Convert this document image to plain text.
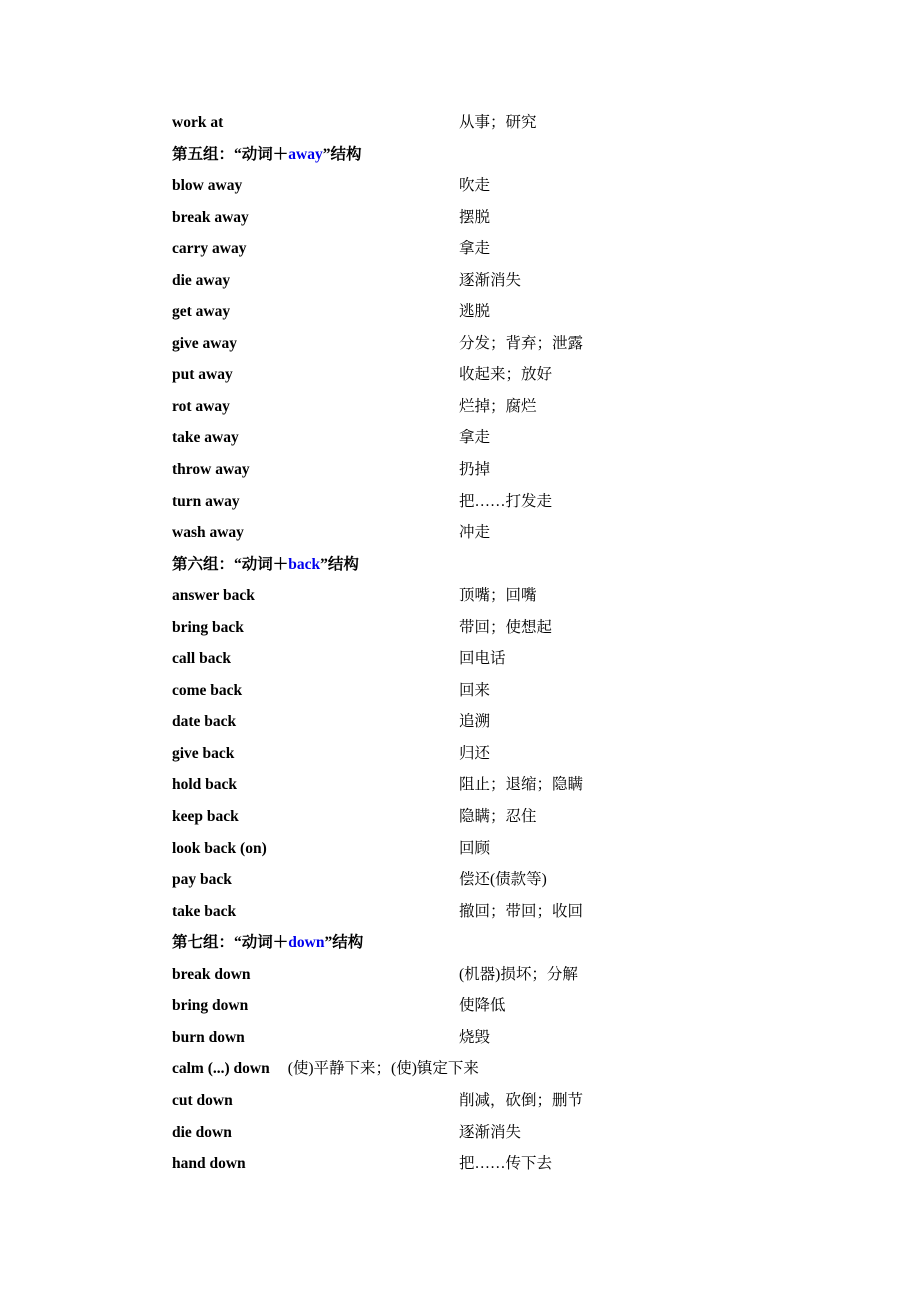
work at	从事；研究
第五组：“动词＋away”结构
blow away	吹走
break away	摆脱
carry away	拿走
die away	逐渐消失
get away	逃脱
give away	分发；背弃；泄露
put away	收起来；放好
rot away	烂掉；腐烂
take away	拿走
throw away	扔掉
turn away	把……打发走
wash away	冲走
第六组：“动词＋back”结构
answer back	顶嘴；回嘴
bring back	带回；使想起
call back	回电话
come back	回来
date back	追溯
give back	归还
hold back	阻止；退缩；隐瞒
keep back	隐瞒；忍住
look back (on)	回顾
pay back	偿还(债款等)
take back	撤回；带回；收回
第七组：“动词＋down”结构
break down	(机器)损坏；分解
bring down	使降低
burn down	烧毁
calm (...) down (使)平静下来；(使)镇定下来
cut down	削减，砍倒；删节
die down	逐渐消失
hand down	把……传下去
